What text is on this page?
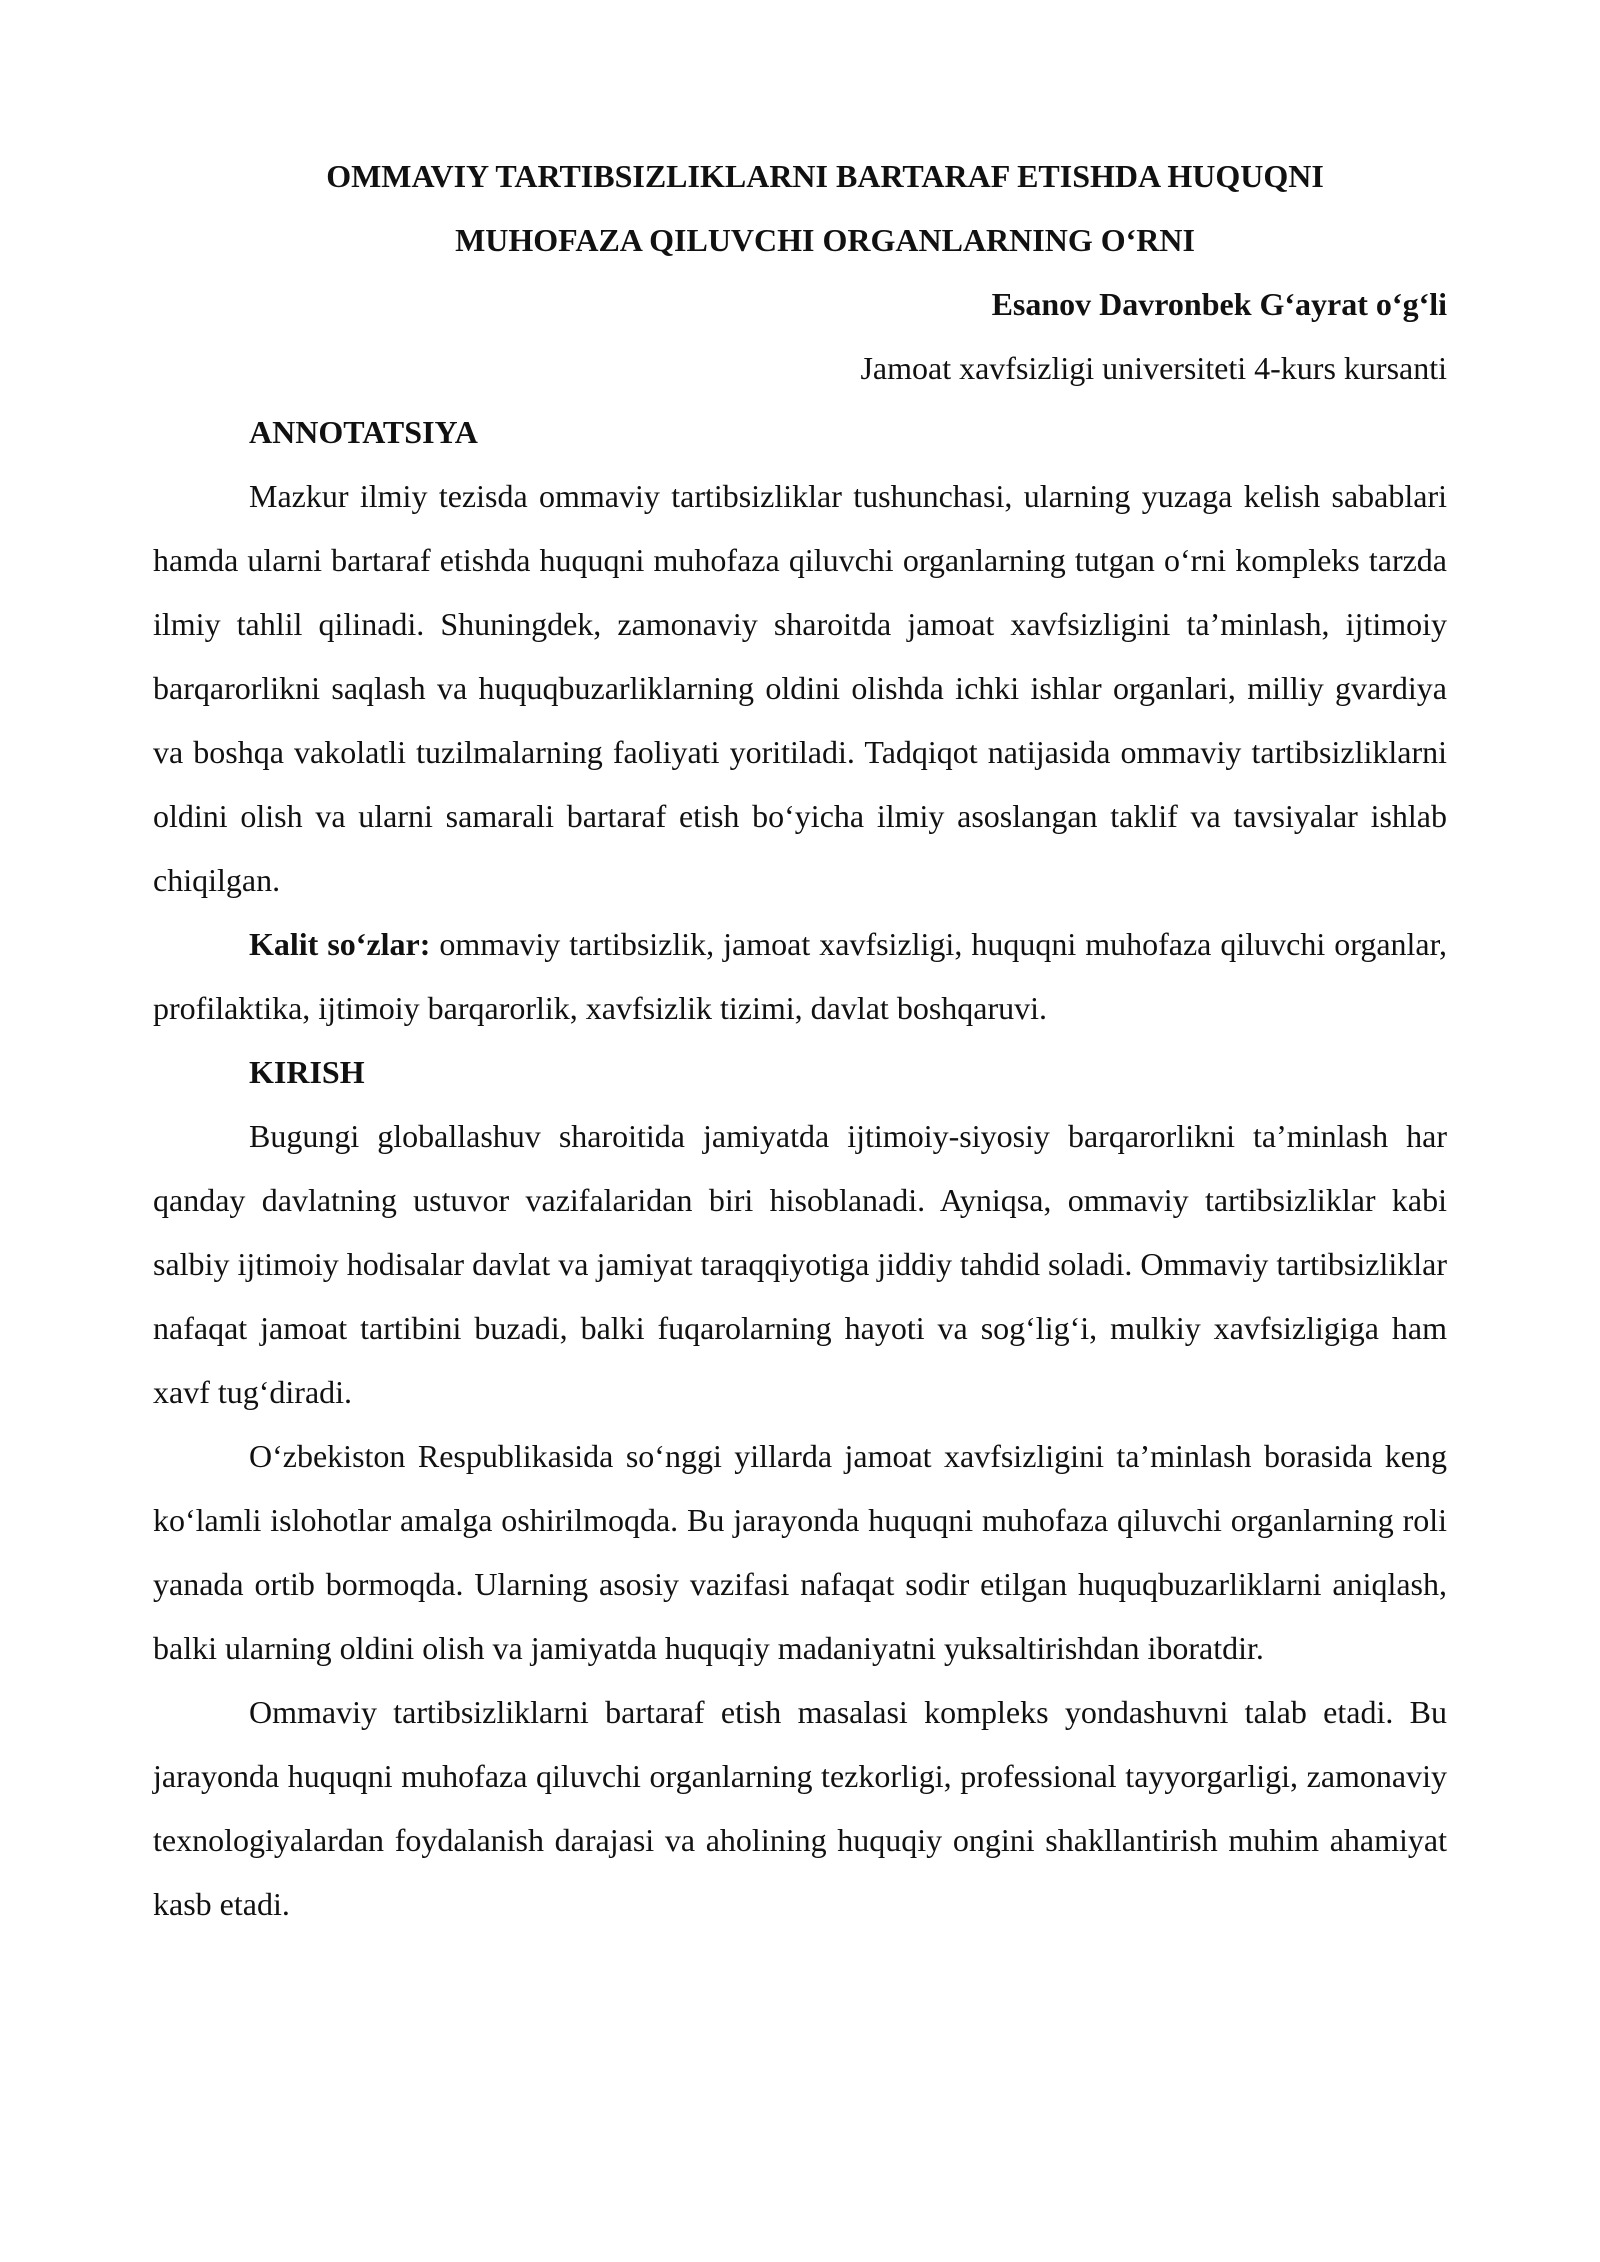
OMMAVIY TARTIBSIZLIKLARNI BARTARAF ETISHDA HUQUQNI
MUHOFAZA QILUVCHI ORGANLARNING O‘RNI

Esanov Davronbek G‘ayrat o‘g‘li

Jamoat xavfsizligi universiteti 4-kurs kursanti

ANNOTATSIYA

Mazkur ilmiy tezisda ommaviy tartibsizliklar tushunchasi, ularning yuzaga kelish sabablari hamda ularni bartaraf etishda huquqni muhofaza qiluvchi organlarning tutgan o‘rni kompleks tarzda ilmiy tahlil qilinadi. Shuningdek, zamonaviy sharoitda jamoat xavfsizligini ta’minlash, ijtimoiy barqarorlikni saqlash va huquqbuzarliklarning oldini olishda ichki ishlar organlari, milliy gvardiya va boshqa vakolatli tuzilmalarning faoliyati yoritiladi. Tadqiqot natijasida ommaviy tartibsizliklarni oldini olish va ularni samarali bartaraf etish bo‘yicha ilmiy asoslangan taklif va tavsiyalar ishlab chiqilgan.

Kalit so‘zlar: ommaviy tartibsizlik, jamoat xavfsizligi, huquqni muhofaza qiluvchi organlar, profilaktika, ijtimoiy barqarorlik, xavfsizlik tizimi, davlat boshqaruvi.

KIRISH

Bugungi globallashuv sharoitida jamiyatda ijtimoiy-siyosiy barqarorlikni ta’minlash har qanday davlatning ustuvor vazifalaridan biri hisoblanadi. Ayniqsa, ommaviy tartibsizliklar kabi salbiy ijtimoiy hodisalar davlat va jamiyat taraqqiyotiga jiddiy tahdid soladi. Ommaviy tartibsizliklar nafaqat jamoat tartibini buzadi, balki fuqarolarning hayoti va sog‘lig‘i, mulkiy xavfsizligiga ham xavf tug‘diradi.

O‘zbekiston Respublikasida so‘nggi yillarda jamoat xavfsizligini ta’minlash borasida keng ko‘lamli islohotlar amalga oshirilmoqda. Bu jarayonda huquqni muhofaza qiluvchi organlarning roli yanada ortib bormoqda. Ularning asosiy vazifasi nafaqat sodir etilgan huquqbuzarliklarni aniqlash, balki ularning oldini olish va jamiyatda huquqiy madaniyatni yuksaltirishdan iboratdir.

Ommaviy tartibsizliklarni bartaraf etish masalasi kompleks yondashuvni talab etadi. Bu jarayonda huquqni muhofaza qiluvchi organlarning tezkorligi, professional tayyorgarligi, zamonaviy texnologiyalardan foydalanish darajasi va aholining huquqiy ongini shakllantirish muhim ahamiyat kasb etadi.
